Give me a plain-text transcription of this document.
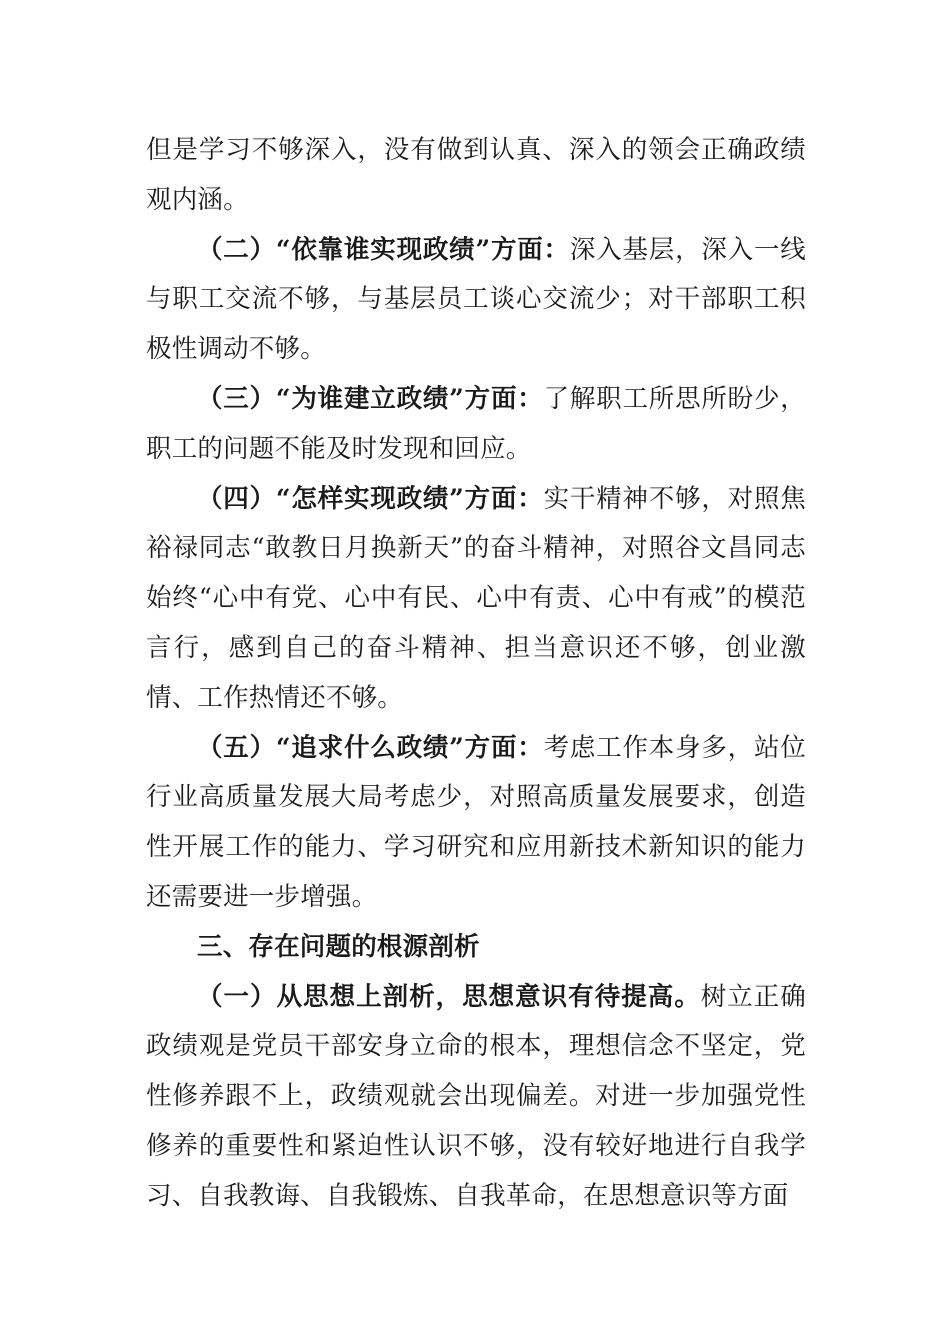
但是学习不够深入，没有做到认真、深入的领会正确政绩观内涵。

（二）“依靠谁实现政绩”方面：深入基层，深入一线与职工交流不够，与基层员工谈心交流少；对干部职工积极性调动不够。

（三）“为谁建立政绩”方面：了解职工所思所盼少，职工的问题不能及时发现和回应。

（四）“怎样实现政绩”方面：实干精神不够，对照焦裕禄同志“敢教日月换新天”的奋斗精神，对照谷文昌同志始终“心中有党、心中有民、心中有责、心中有戒”的模范言行，感到自己的奋斗精神、担当意识还不够，创业激情、工作热情还不够。

（五）“追求什么政绩”方面：考虑工作本身多，站位行业高质量发展大局考虑少，对照高质量发展要求，创造性开展工作的能力、学习研究和应用新技术新知识的能力还需要进一步增强。

三、存在问题的根源剖析

（一）从思想上剖析，思想意识有待提高。树立正确政绩观是党员干部安身立命的根本，理想信念不坚定，党性修养跟不上，政绩观就会出现偏差。对进一步加强党性修养的重要性和紧迫性认识不够，没有较好地进行自我学习、自我教诲、自我锻炼、自我革命，在思想意识等方面
